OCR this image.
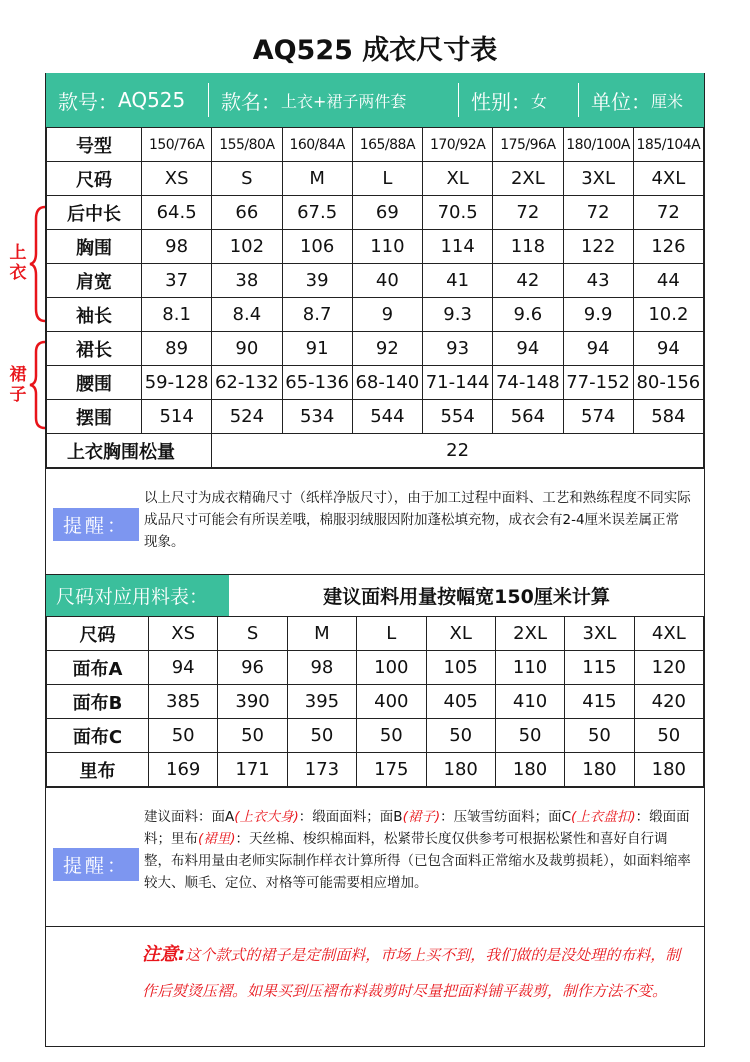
AQ525 成衣尺寸表
上衣
裙子
款号： AQ525 款名： 上衣+裙子两件套	性别： 女 单位： 厘米
号型	150/76A	155/80A	160/84A	165/88A	170/92A	175/96A	180/100A	185/104A
尺码	XS	S	M	L	XL	2XL	3XL	4XL
后中长	64.5	66	67.5	69	70.5	72	72	72
胸围	98	102	106	110	114	118	122	126
肩宽	37	38	39	40	41	42	43	44
袖长	8.1	8.4	8.7	9	9.3	9.6	9.9	10.2
裙长	89	90	91	92	93	94	94	94
腰围	59-128	62-132	65-136	68-140	71-144	74-148	77-152	80-156
摆围	514	524	534	544	554	564	574	584
上衣胸围松量		22						
提醒：
以上尺寸为成衣精确尺寸（纸样净版尺寸），由于加工过程中面料、工艺和熟练程度不同实际成品尺寸可能会有所误差哦，棉服羽绒服因附加蓬松填充物，成衣会有2-4厘米误差属正常现象。
尺码对应用料表：	建议面料用量按幅宽150厘米计算
尺码	XS	S	M	L	XL	2XL	3XL	4XL
面布A	94	96	98	100	105	110	115	120
面布B	385	390	395	400	405	410	415	420
面布C	50	50	50	50	50	50	50	50
里布	169	171	173	175	180	180	180	180
提醒：
建议面料：面A(上衣大身)：缎面面料；面B(裙子)：压皱雪纺面料；面C(上衣盘扣)：缎面面料；里布(裙里)：天丝棉、梭织棉面料，松紧带长度仅供参考可根据松紧性和喜好自行调整，布料用量由老师实际制作样衣计算所得（已包含面料正常缩水及裁剪损耗），如面料缩率较大、顺毛、定位、对格等可能需要相应增加。
注意:这个款式的裙子是定制面料，市场上买不到，我们做的是没处理的布料，制作后熨烫压褶。如果买到压褶布料裁剪时尽量把面料铺平裁剪，制作方法不变。
